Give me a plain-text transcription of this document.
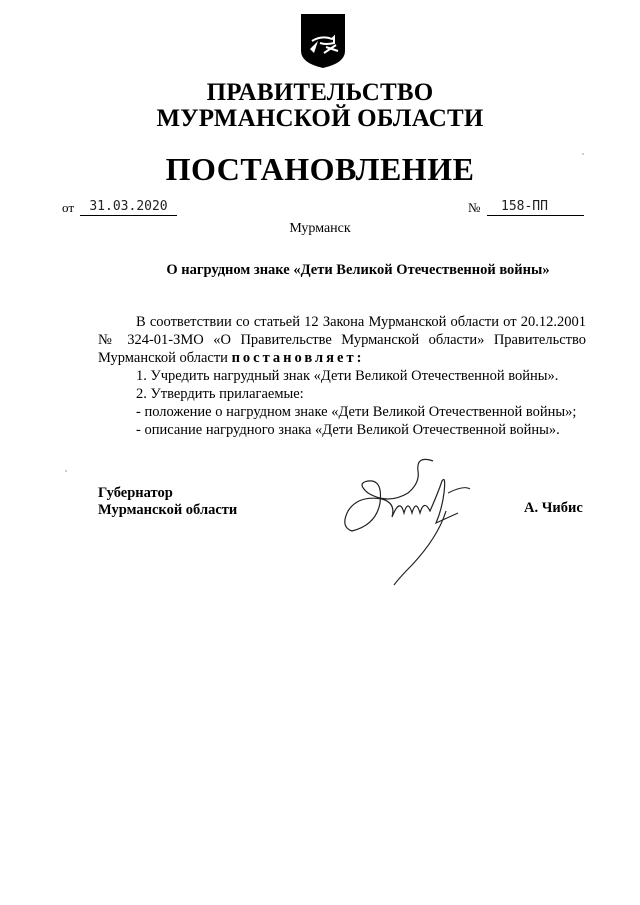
ПРАВИТЕЛЬСТВО
МУРМАНСКОЙ ОБЛАСТИ
ПОСТАНОВЛЕНИЕ
от	31.03.2020	№	158-ПП
Мурманск
О нагрудном знаке «Дети Великой Отечественной войны»

В соответствии со статьей 12 Закона Мурманской области от 20.12.2001 № 324-01-ЗМО «О Правительстве Мурманской области» Правительство

Мурманской области постановляет:

1. Учредить нагрудный знак «Дети Великой Отечественной войны».

2. Утвердить прилагаемые:

- положение о нагрудном знаке «Дети Великой Отечественной войны»;

- описание нагрудного знака «Дети Великой Отечественной войны».

Губернатор
Мурманской области	А. Чибис
